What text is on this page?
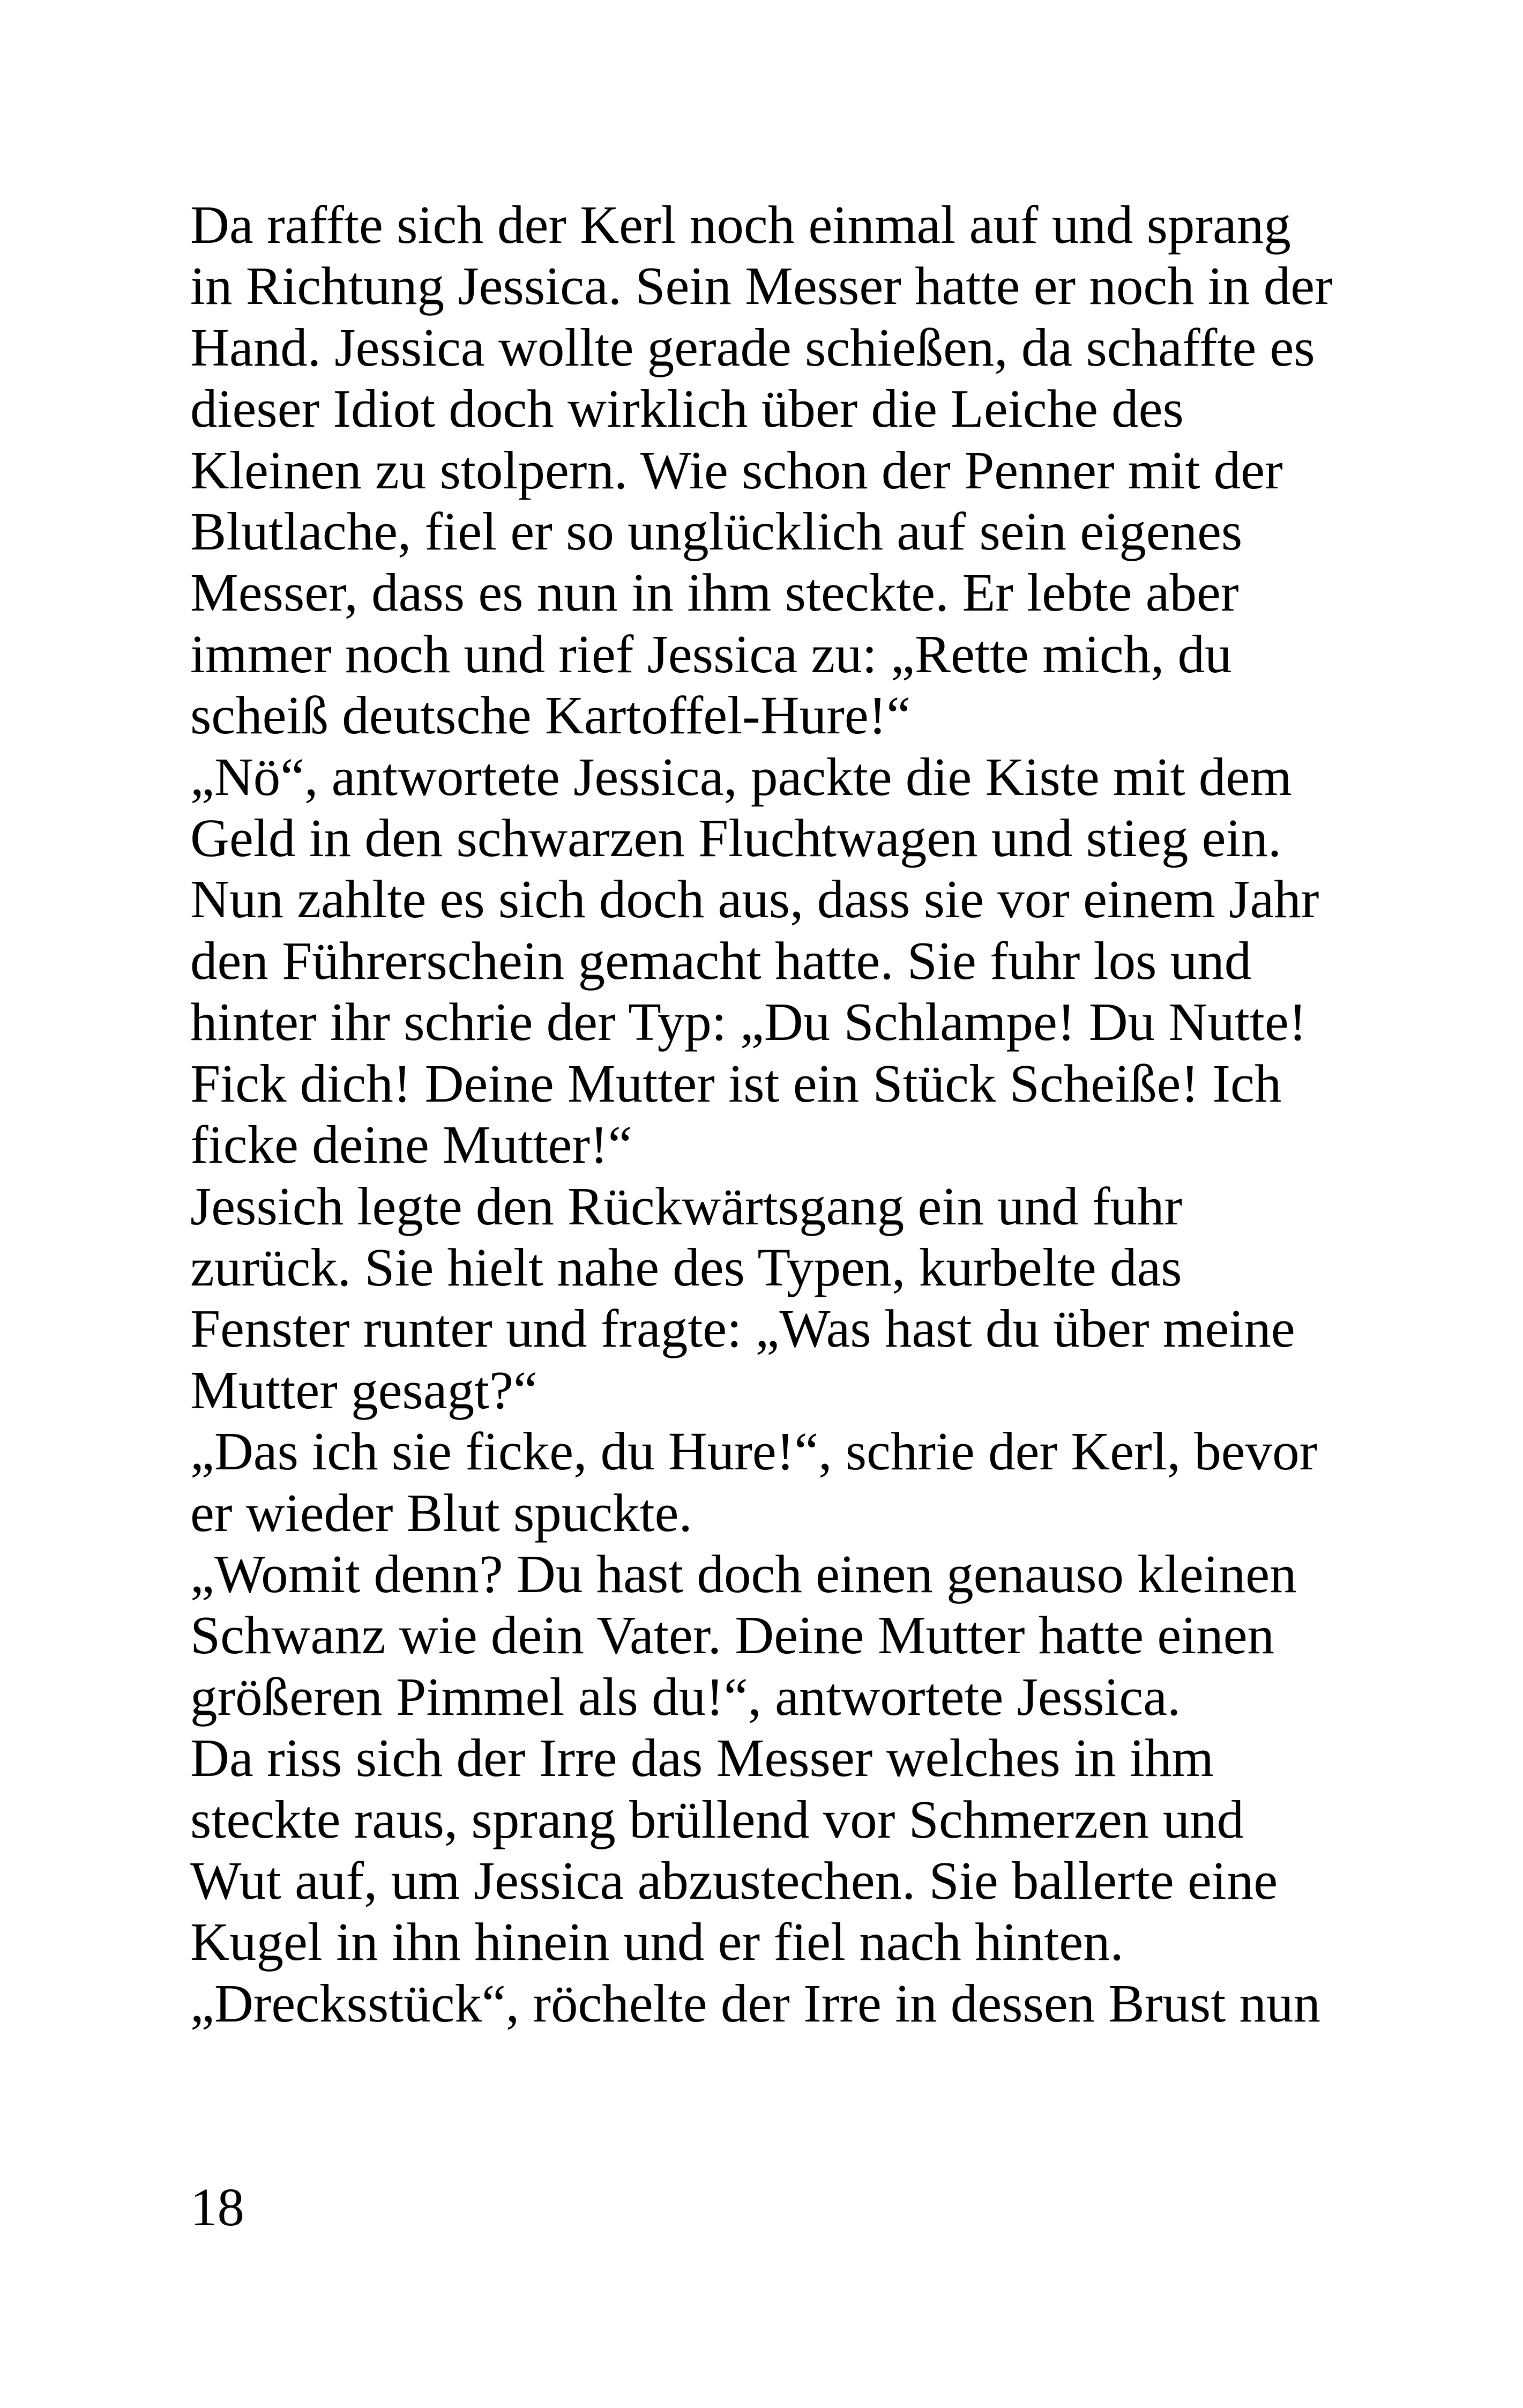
Da raffte sich der Kerl noch einmal auf und sprang
in Richtung Jessica. Sein Messer hatte er noch in der
Hand. Jessica wollte gerade schießen, da schaffte es
dieser Idiot doch wirklich über die Leiche des
Kleinen zu stolpern. Wie schon der Penner mit der
Blutlache, fiel er so unglücklich auf sein eigenes
Messer, dass es nun in ihm steckte. Er lebte aber
immer noch und rief Jessica zu: „Rette mich, du
scheiß deutsche Kartoffel-Hure!“
„Nö“, antwortete Jessica, packte die Kiste mit dem
Geld in den schwarzen Fluchtwagen und stieg ein.
Nun zahlte es sich doch aus, dass sie vor einem Jahr
den Führerschein gemacht hatte. Sie fuhr los und
hinter ihr schrie der Typ: „Du Schlampe! Du Nutte!
Fick dich! Deine Mutter ist ein Stück Scheiße! Ich
ficke deine Mutter!“
Jessich legte den Rückwärtsgang ein und fuhr
zurück. Sie hielt nahe des Typen, kurbelte das
Fenster runter und fragte: „Was hast du über meine
Mutter gesagt?“
„Das ich sie ficke, du Hure!“, schrie der Kerl, bevor
er wieder Blut spuckte.
„Womit denn? Du hast doch einen genauso kleinen
Schwanz wie dein Vater. Deine Mutter hatte einen
größeren Pimmel als du!“, antwortete Jessica.
Da riss sich der Irre das Messer welches in ihm
steckte raus, sprang brüllend vor Schmerzen und
Wut auf, um Jessica abzustechen. Sie ballerte eine
Kugel in ihn hinein und er fiel nach hinten.
„Drecksstück“, röchelte der Irre in dessen Brust nun
18
